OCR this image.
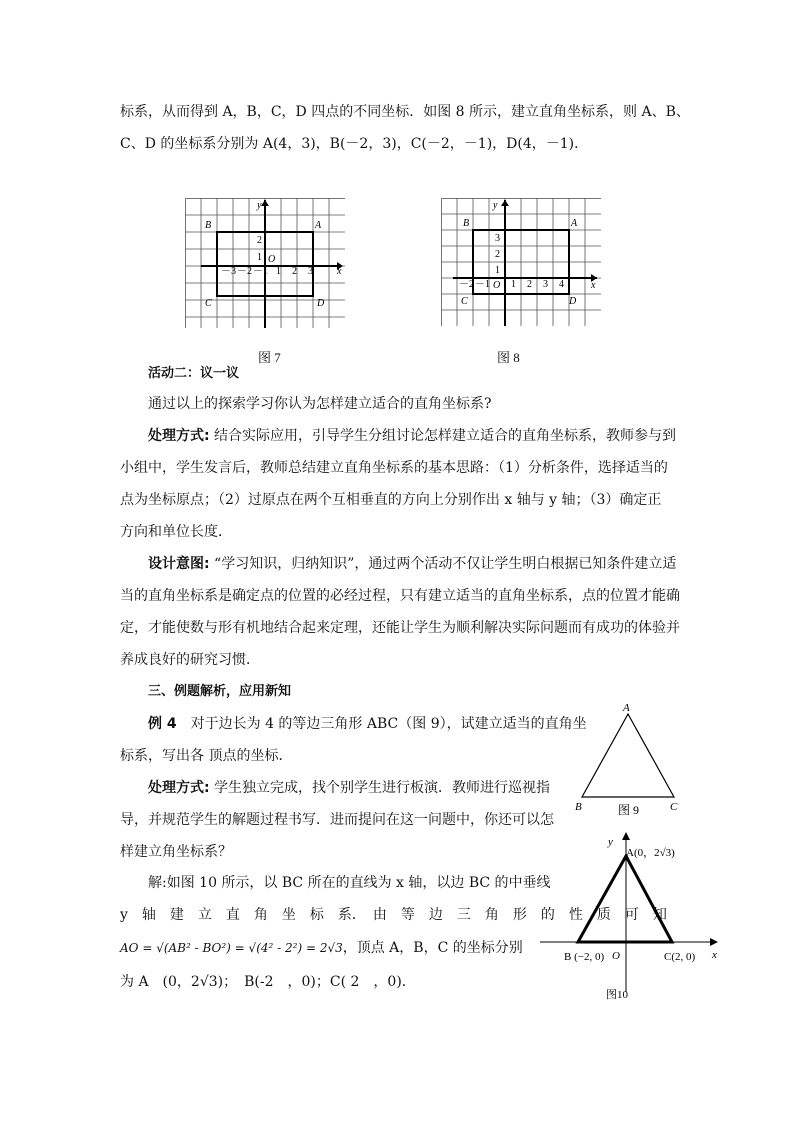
标系，从而得到 A，B，C，D 四点的不同坐标．如图 8 所示，建立直角坐标系，则 A、B、
C、D 的坐标系分别为 A(4，3)，B(－2，3)，C(－2，－1)，D(4，－1)．
B	A
C	D
O
x
y
－3 －2 －1 1 2 3
2
1
图 7
B	A
C	D
O	x
y
－2 －1 1 2 3 4
3
2
1
图 8
活动二：议一议
通过以上的探索学习你认为怎样建立适合的直角坐标系?
处理方式: 结合实际应用，引导学生分组讨论怎样建立适合的直角坐标系，教师参与到
小组中，学生发言后，教师总结建立直角坐标系的基本思路：（1）分析条件，选择适当的
点为坐标原点；（2）过原点在两个互相垂直的方向上分别作出 x 轴与 y 轴；（3）确定正
方向和单位长度．
设计意图: “学习知识，归纳知识”，通过两个活动不仅让学生明白根据已知条件建立适
当的直角坐标系是确定点的位置的必经过程，只有建立适当的直角坐标系，点的位置才能确
定，才能使数与形有机地结合起来定理，还能让学生为顺利解决实际问题而有成功的体验并
养成良好的研究习惯．
三、例题解析，应用新知
例 4　对于边长为 4 的等边三角形 ABC（图 9），试建立适当的直角坐
标系，写出各 顶点的坐标．
处理方式: 学生独立完成，找个别学生进行板演．教师进行巡视指
导，并规范学生的解题过程书写．进而提问在这一问题中，你还可以怎
样建立角坐标系？
解:如图 10 所示，以 BC 所在的直线为 x 轴，以边 BC 的中垂线
y　轴　建　立　直　角　坐　标　系．　由　等　边　三　角　形　的　性　质　可　知
AO = √(AB² - BO²) = √(4² - 2²) = 2√3，顶点 A，B，C 的坐标分别
为 A　(0，2√3)；　B(-2　，0)；C( 2　，0)．
A
B	C
图 9
y
x
A(0，2√3)
B (−2, 0)	C(2, 0)
O
图10
